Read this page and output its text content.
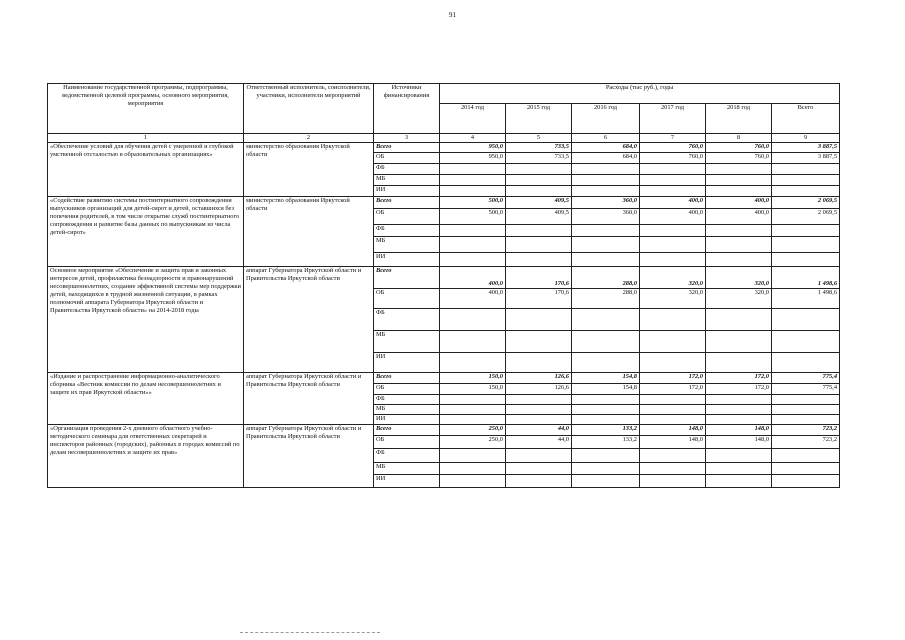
91
Наименование государственной программы, подпрограммы, ведомственной целевой программы, основного мероприятия, мероприятия	Ответственный исполнитель, соисполнители, участники, исполнители мероприятий	Источники финансирования	Расходы (тыс руб.), годы					
			2014 год	2015 год	2016 год	2017 год	2018 год	Всего
1	2	3	4	5	6	7	8	9
«Обеспечение условий для обучения детей с умеренной и глубокой умственной отсталостью в образовательных организациях»	министерство образования Иркутской области	Всего	950,0	733,5	684,0	760,0	760,0	3 887,5
		ОБ	950,0	733,5	684,0	760,0	760,0	3 887,5
		ФБ						
		МБ						
		ИИ						
«Содействие развитию системы постинтернатного сопровождения выпускников организаций для детей-сирот и детей, оставшихся без попечения родителей, в том числе открытие служб постинтернатного сопровождения и развитие базы данных по выпускникам из числа детей-сирот»	министерство образования Иркутской области	Всего	500,0	409,5	360,0	400,0	400,0	2 069,5
		ОБ	500,0	409,5	360,0	400,0	400,0	2 069,5
		ФБ						
		МБ						
		ИИ						
Основное мероприятие «Обеспечение и защита прав и законных интересов детей, профилактика безнадзорности и правонарушений несовершеннолетних, создание эффективной системы мер поддержки детей, находящихся в трудной жизненной ситуации, в рамках полномочий аппарата Губернатора Иркутской области и Правительства Иркутской области» на 2014-2018 годы	аппарат Губернатора Иркутской области и Правительства Иркутской области	Всего	400,0	170,6	288,0	320,0	320,0	1 498,6
		ОБ	400,0	170,6	288,0	320,0	320,0	1 498,6
		ФБ						
		МБ						
		ИИ						
«Издание и распространение информационно-аналитического сборника «Вестник комиссии по делам несовершеннолетних и защите их прав Иркутской области»»	аппарат Губернатора Иркутской области и Правительства Иркутской области	Всего	150,0	126,6	154,8	172,0	172,0	775,4
		ОБ	150,0	126,6	154,8	172,0	172,0	775,4
		ФБ						
		МБ						
		ИИ						
«Организация проведения 2-х дневного областного учебно-методического семинара для ответственных секретарей и инспекторов районных (городских), районных в городах комиссий по делам несовершеннолетних и защите их прав»	аппарат Губернатора Иркутской области и Правительства Иркутской области	Всего	250,0	44,0	133,2	148,0	148,0	723,2
		ОБ	250,0	44,0	133,2	148,0	148,0	723,2
		ФБ						
		МБ						
		ИИ						
